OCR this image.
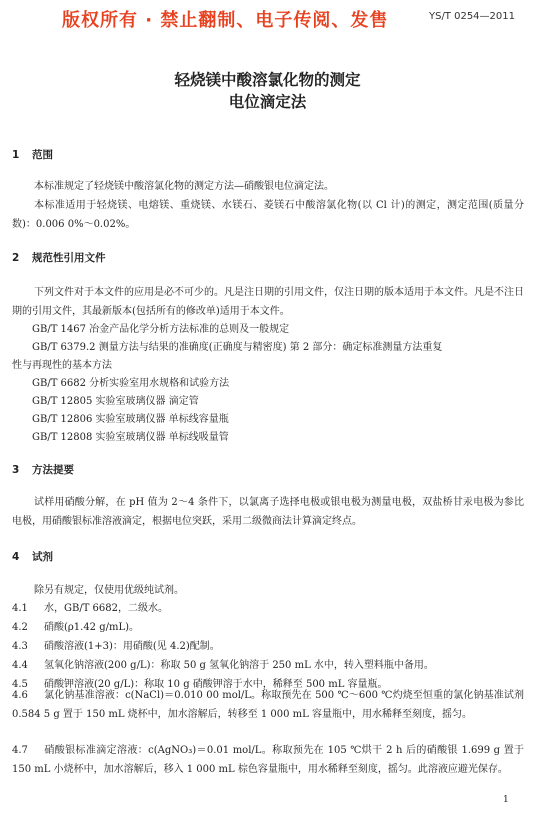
版权所有 · 禁止翻制、电子传阅、发售	YS/T 0254—2011
轻烧镁中酸溶氯化物的测定
电位滴定法
1 范围
本标准规定了轻烧镁中酸溶氯化物的测定方法—硝酸银电位滴定法。
本标准适用于轻烧镁、电熔镁、重烧镁、水镁石、菱镁石中酸溶氯化物(以 Cl 计)的测定，测定范围(质量分数)：0.006 0%～0.02%。
2 规范性引用文件
下列文件对于本文件的应用是必不可少的。凡是注日期的引用文件，仅注日期的版本适用于本文件。凡是不注日期的引用文件，其最新版本(包括所有的修改单)适用于本文件。
GB/T 1467 冶金产品化学分析方法标准的总则及一般规定
GB/T 6379.2 测量方法与结果的准确度(正确度与精密度) 第 2 部分：确定标准测量方法重复
性与再现性的基本方法
GB/T 6682 分析实验室用水规格和试验方法
GB/T 12805 实验室玻璃仪器 滴定管
GB/T 12806 实验室玻璃仪器 单标线容量瓶
GB/T 12808 实验室玻璃仪器 单标线吸量管
3 方法提要
试样用硝酸分解，在 pH 值为 2～4 条件下，以氯离子选择电极或银电极为测量电极，双盐桥甘汞电极为参比电极，用硝酸银标准溶液滴定，根据电位突跃，采用二级微商法计算滴定终点。
4 试剂
除另有规定，仅使用优级纯试剂。
4.1 水，GB/T 6682，二级水。
4.2 硝酸(ρ1.42 g/mL)。
4.3 硝酸溶液(1+3)：用硝酸(见 4.2)配制。
4.4 氢氧化钠溶液(200 g/L)：称取 50 g 氢氧化钠溶于 250 mL 水中，转入塑料瓶中备用。
4.5 硝酸钾溶液(20 g/L)：称取 10 g 硝酸钾溶于水中，稀释至 500 mL 容量瓶。
4.6 氯化钠基准溶液：c(NaCl)＝0.010 00 mol/L。称取预先在 500 ℃～600 ℃灼烧至恒重的氯化钠基准试剂 0.584 5 g 置于 150 mL 烧杯中，加水溶解后，转移至 1 000 mL 容量瓶中，用水稀释至刻度，摇匀。
4.7 硝酸银标准滴定溶液：c(AgNO₃)＝0.01 mol/L。称取预先在 105 ℃烘干 2 h 后的硝酸银 1.699 g 置于 150 mL 小烧杯中，加水溶解后，移入 1 000 mL 棕色容量瓶中，用水稀释至刻度，摇匀。此溶液应避光保存。
1
